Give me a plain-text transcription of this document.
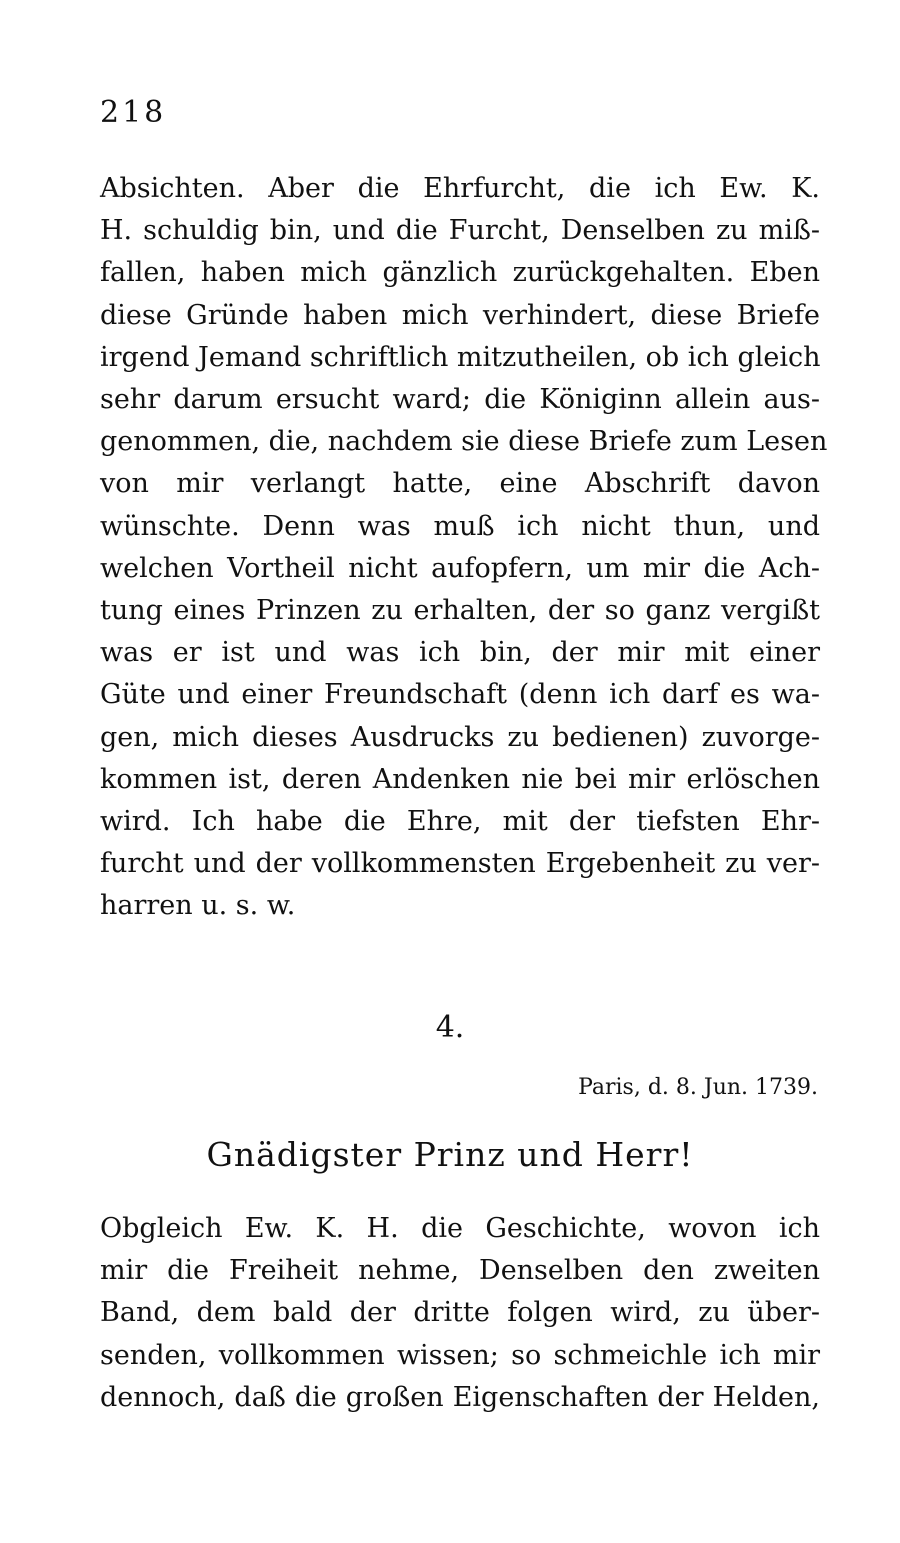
218
Absichten. Aber die Ehrfurcht, die ich Ew. K.
H. schuldig bin, und die Furcht, Denselben zu miß-
fallen, haben mich gänzlich zurückgehalten. Eben
diese Gründe haben mich verhindert, diese Briefe
irgend Jemand schriftlich mitzutheilen, ob ich gleich
sehr darum ersucht ward; die Königinn allein aus-
genommen, die, nachdem sie diese Briefe zum Lesen
von mir verlangt hatte, eine Abschrift davon
wünschte. Denn was muß ich nicht thun, und
welchen Vortheil nicht aufopfern, um mir die Ach-
tung eines Prinzen zu erhalten, der so ganz vergißt
was er ist und was ich bin, der mir mit einer
Güte und einer Freundschaft (denn ich darf es wa-
gen, mich dieses Ausdrucks zu bedienen) zuvorge-
kommen ist, deren Andenken nie bei mir erlöschen
wird. Ich habe die Ehre, mit der tiefsten Ehr-
furcht und der vollkommensten Ergebenheit zu ver-
harren u. s. w.
4.
Paris, d. 8. Jun. 1739.
Gnädigster Prinz und Herr!
Obgleich Ew. K. H. die Geschichte, wovon ich
mir die Freiheit nehme, Denselben den zweiten
Band, dem bald der dritte folgen wird, zu über-
senden, vollkommen wissen; so schmeichle ich mir
dennoch, daß die großen Eigenschaften der Helden,
